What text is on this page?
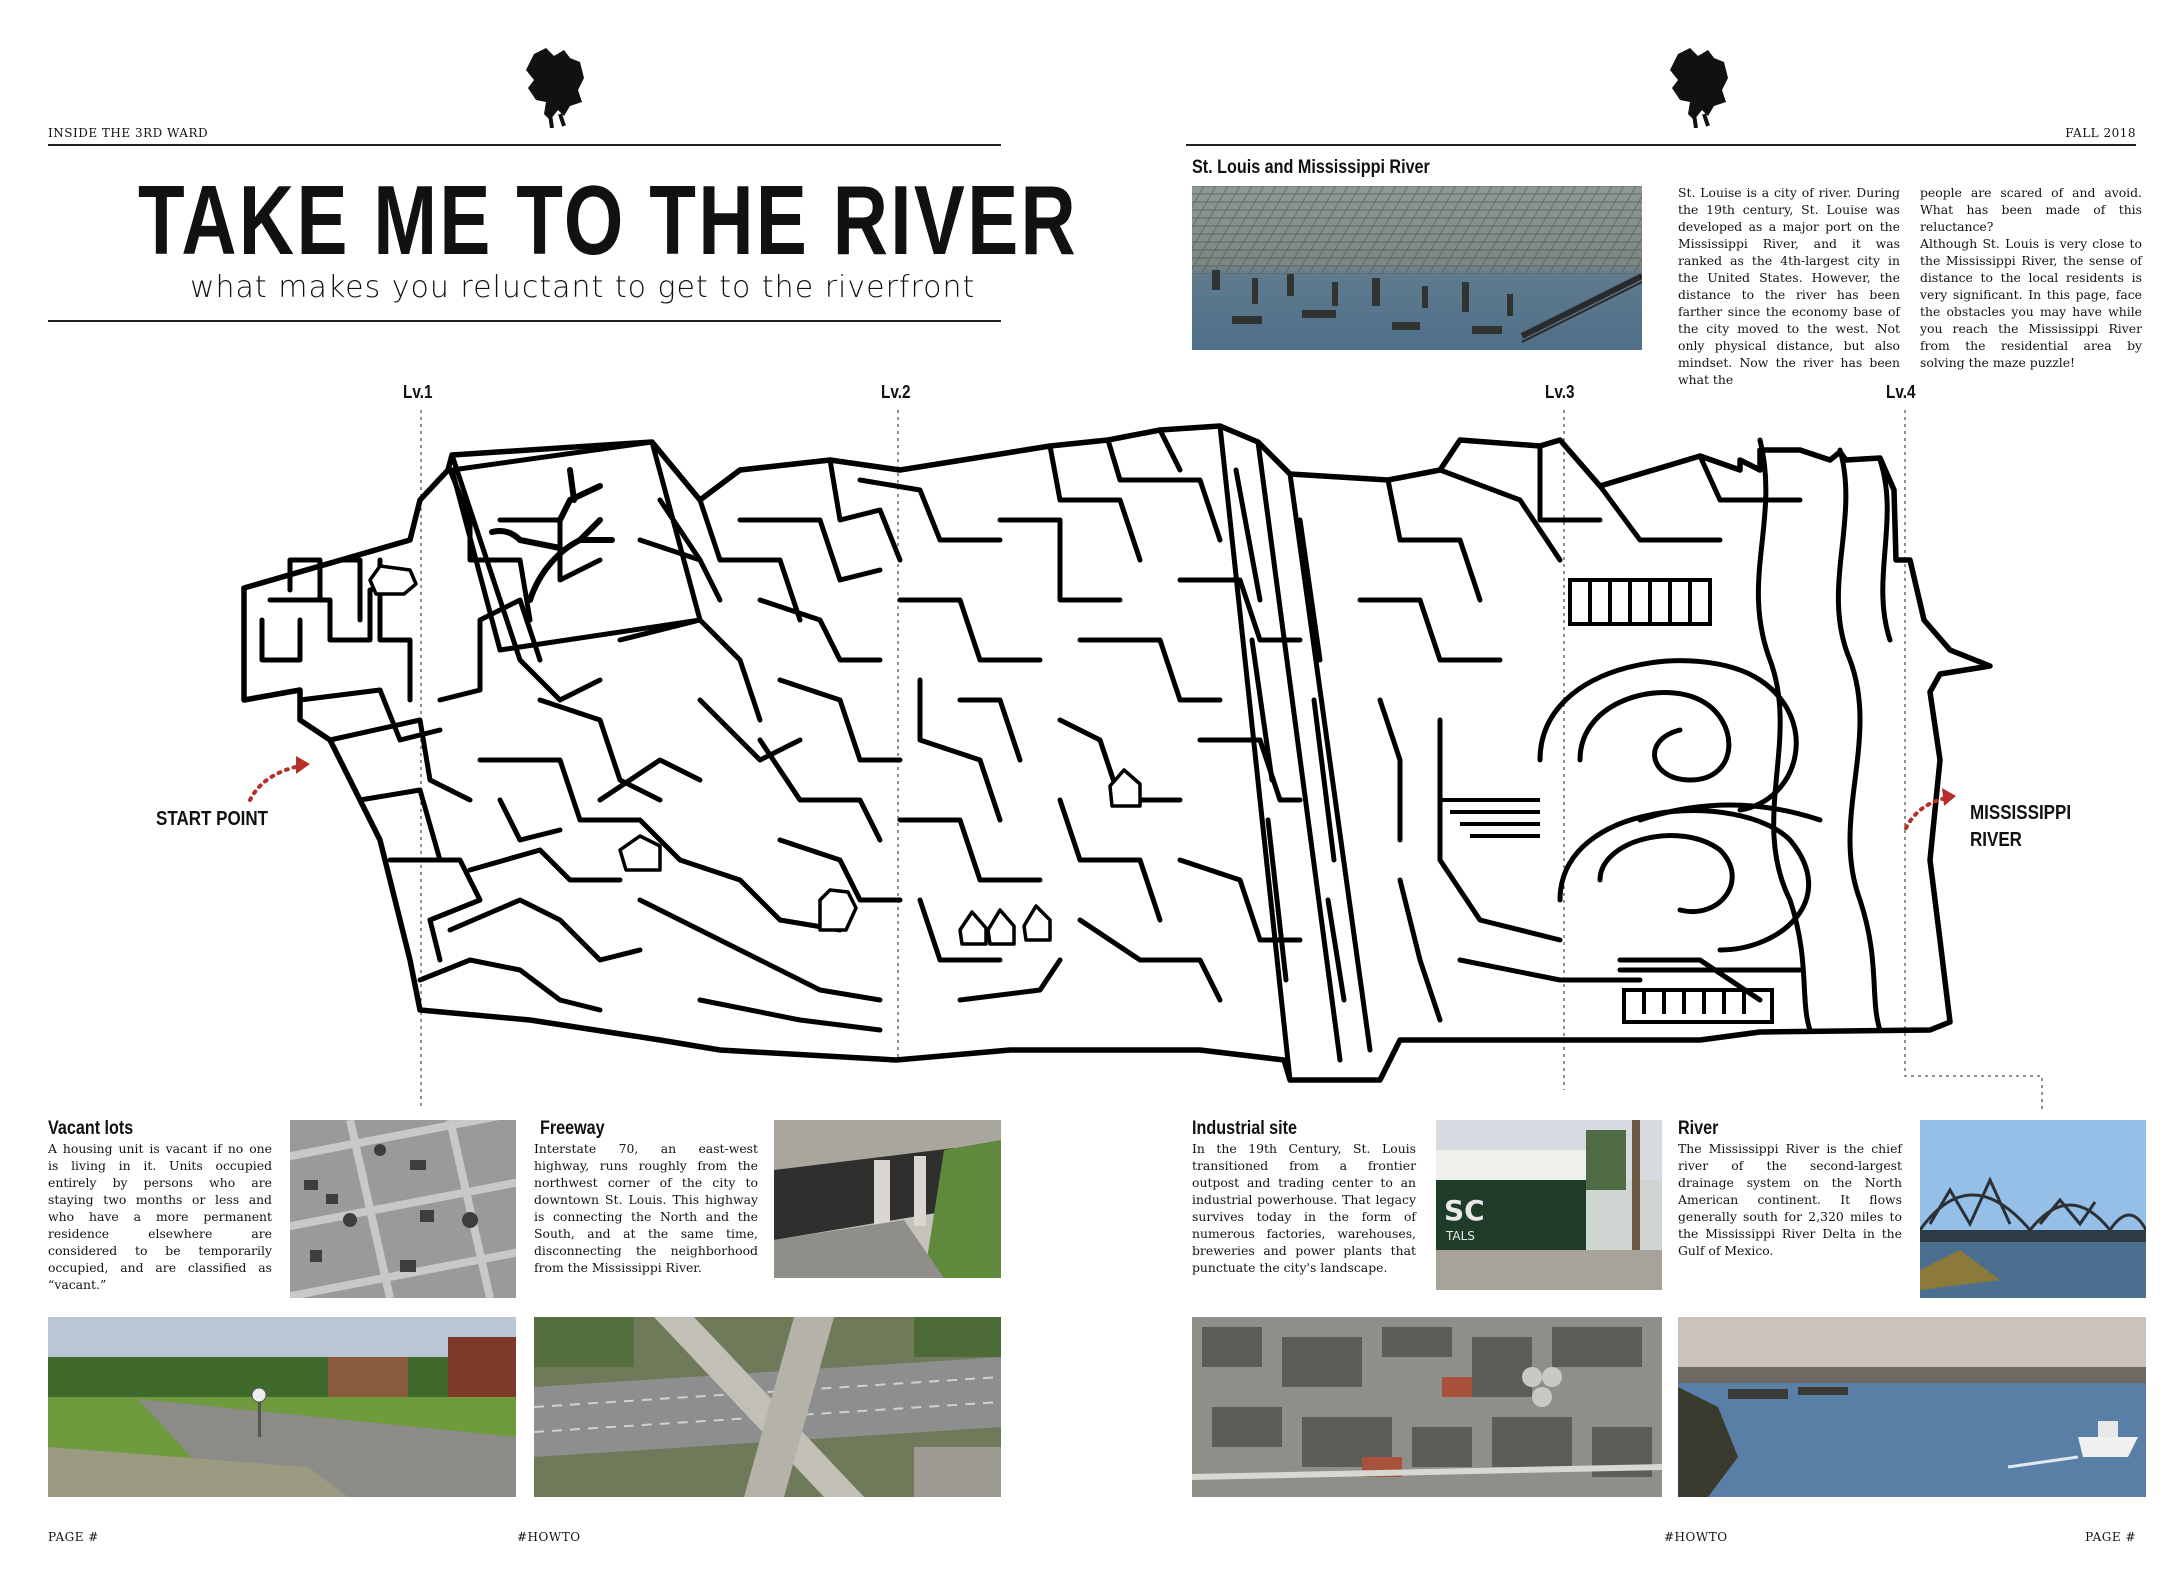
INSIDE THE 3RD WARD	FALL 2018
TAKE ME TO THE RIVER
what makes you reluctant to get to the riverfront
St. Louis and Mississippi River
St. Louise is a city of river. During the 19th century, St. Louise was developed as a major port on the Mississippi River, and it was ranked as the 4th-largest city in the United States. However, the distance to the river has been farther since the economy base of the city moved to the west. Not only physical distance, but also mindset. Now the river has been what the
people are scared of and avoid. What has been made of this reluctance?
Although St. Louis is very close to the Mississippi River, the sense of distance to the local residents is very significant. In this page, face the obstacles you may have while you reach the Mississippi River from the residential area by solving the maze puzzle!
Lv.1	Lv.2	Lv.3	Lv.4
START POINT	MISSISSIPPI
RIVER
Vacant lots
A housing unit is vacant if no one is living in it. Units occupied entirely by persons who are staying two months or less and who have a more permanent residence elsewhere are considered to be temporarily occupied, and are classified as “vacant.”
Freeway
Interstate 70, an east-west highway, runs roughly from the northwest corner of the city to downtown St. Louis. This highway is connecting the North and the South, and at the same time, disconnecting the neighborhood from the Mississippi River.
Industrial site
In the 19th Century, St. Louis transitioned from a frontier outpost and trading center to an industrial powerhouse. That legacy survives today in the form of numerous factories, warehouses, breweries and power plants that punctuate the city's landscape.
SC
TALS
River
The Mississippi River is the chief river of the second-largest drainage system on the North American continent. It flows generally south for 2,320 miles to the Mississippi River Delta in the Gulf of Mexico.
PAGE #	#HOWTO	#HOWTO	PAGE #
